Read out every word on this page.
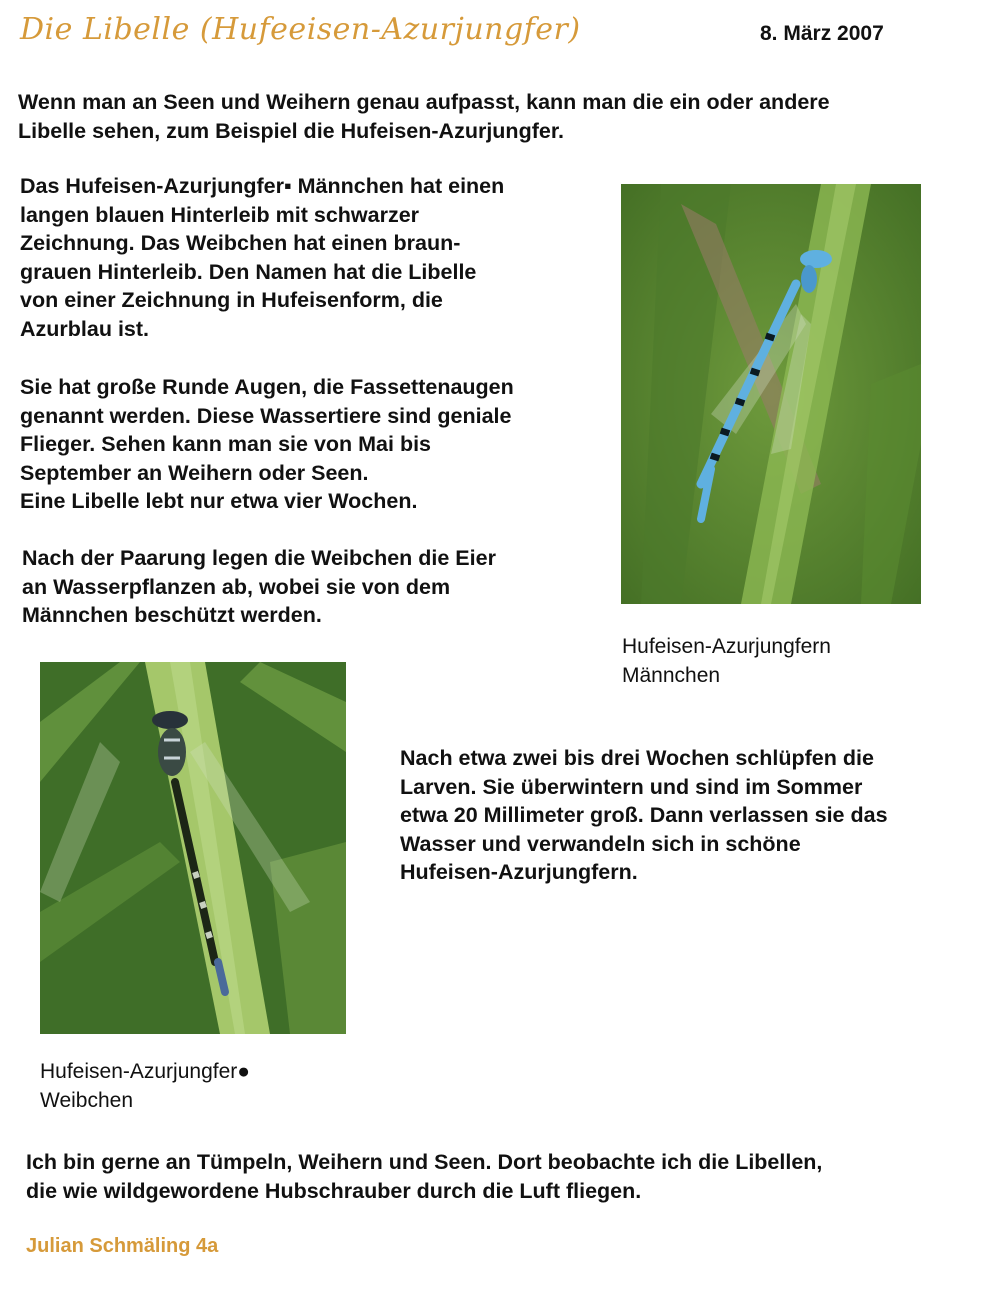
Die Libelle (Hufeeisen-Azurjungfer)	8. März 2007
Wenn man an Seen und Weihern genau aufpasst, kann man die ein oder andere
Libelle sehen, zum Beispiel die Hufeisen-Azurjungfer.
Das Hufeisen-Azurjungfer▪ Männchen hat einen
langen blauen Hinterleib mit schwarzer
Zeichnung. Das Weibchen hat einen braun-
grauen Hinterleib. Den Namen hat die Libelle
von einer Zeichnung in Hufeisenform, die
Azurblau ist.
Sie hat große Runde Augen, die Fassettenaugen
genannt werden. Diese Wassertiere sind geniale
Flieger. Sehen kann man sie von Mai bis
September an Weihern oder Seen.
Eine Libelle lebt nur etwa vier Wochen.
Nach der Paarung legen die Weibchen die Eier
an Wasserpflanzen ab, wobei sie von dem
Männchen beschützt werden.
Hufeisen-Azurjungfern
Männchen
Hufeisen-Azurjungfer●
Weibchen
Nach etwa zwei bis drei Wochen schlüpfen die
Larven. Sie überwintern und sind im Sommer
etwa 20 Millimeter groß. Dann verlassen sie das
Wasser und verwandeln sich in schöne
Hufeisen-Azurjungfern.
Ich bin gerne an Tümpeln, Weihern und Seen. Dort beobachte ich die Libellen,
die wie wildgewordene Hubschrauber durch die Luft fliegen.
Julian Schmäling 4a
